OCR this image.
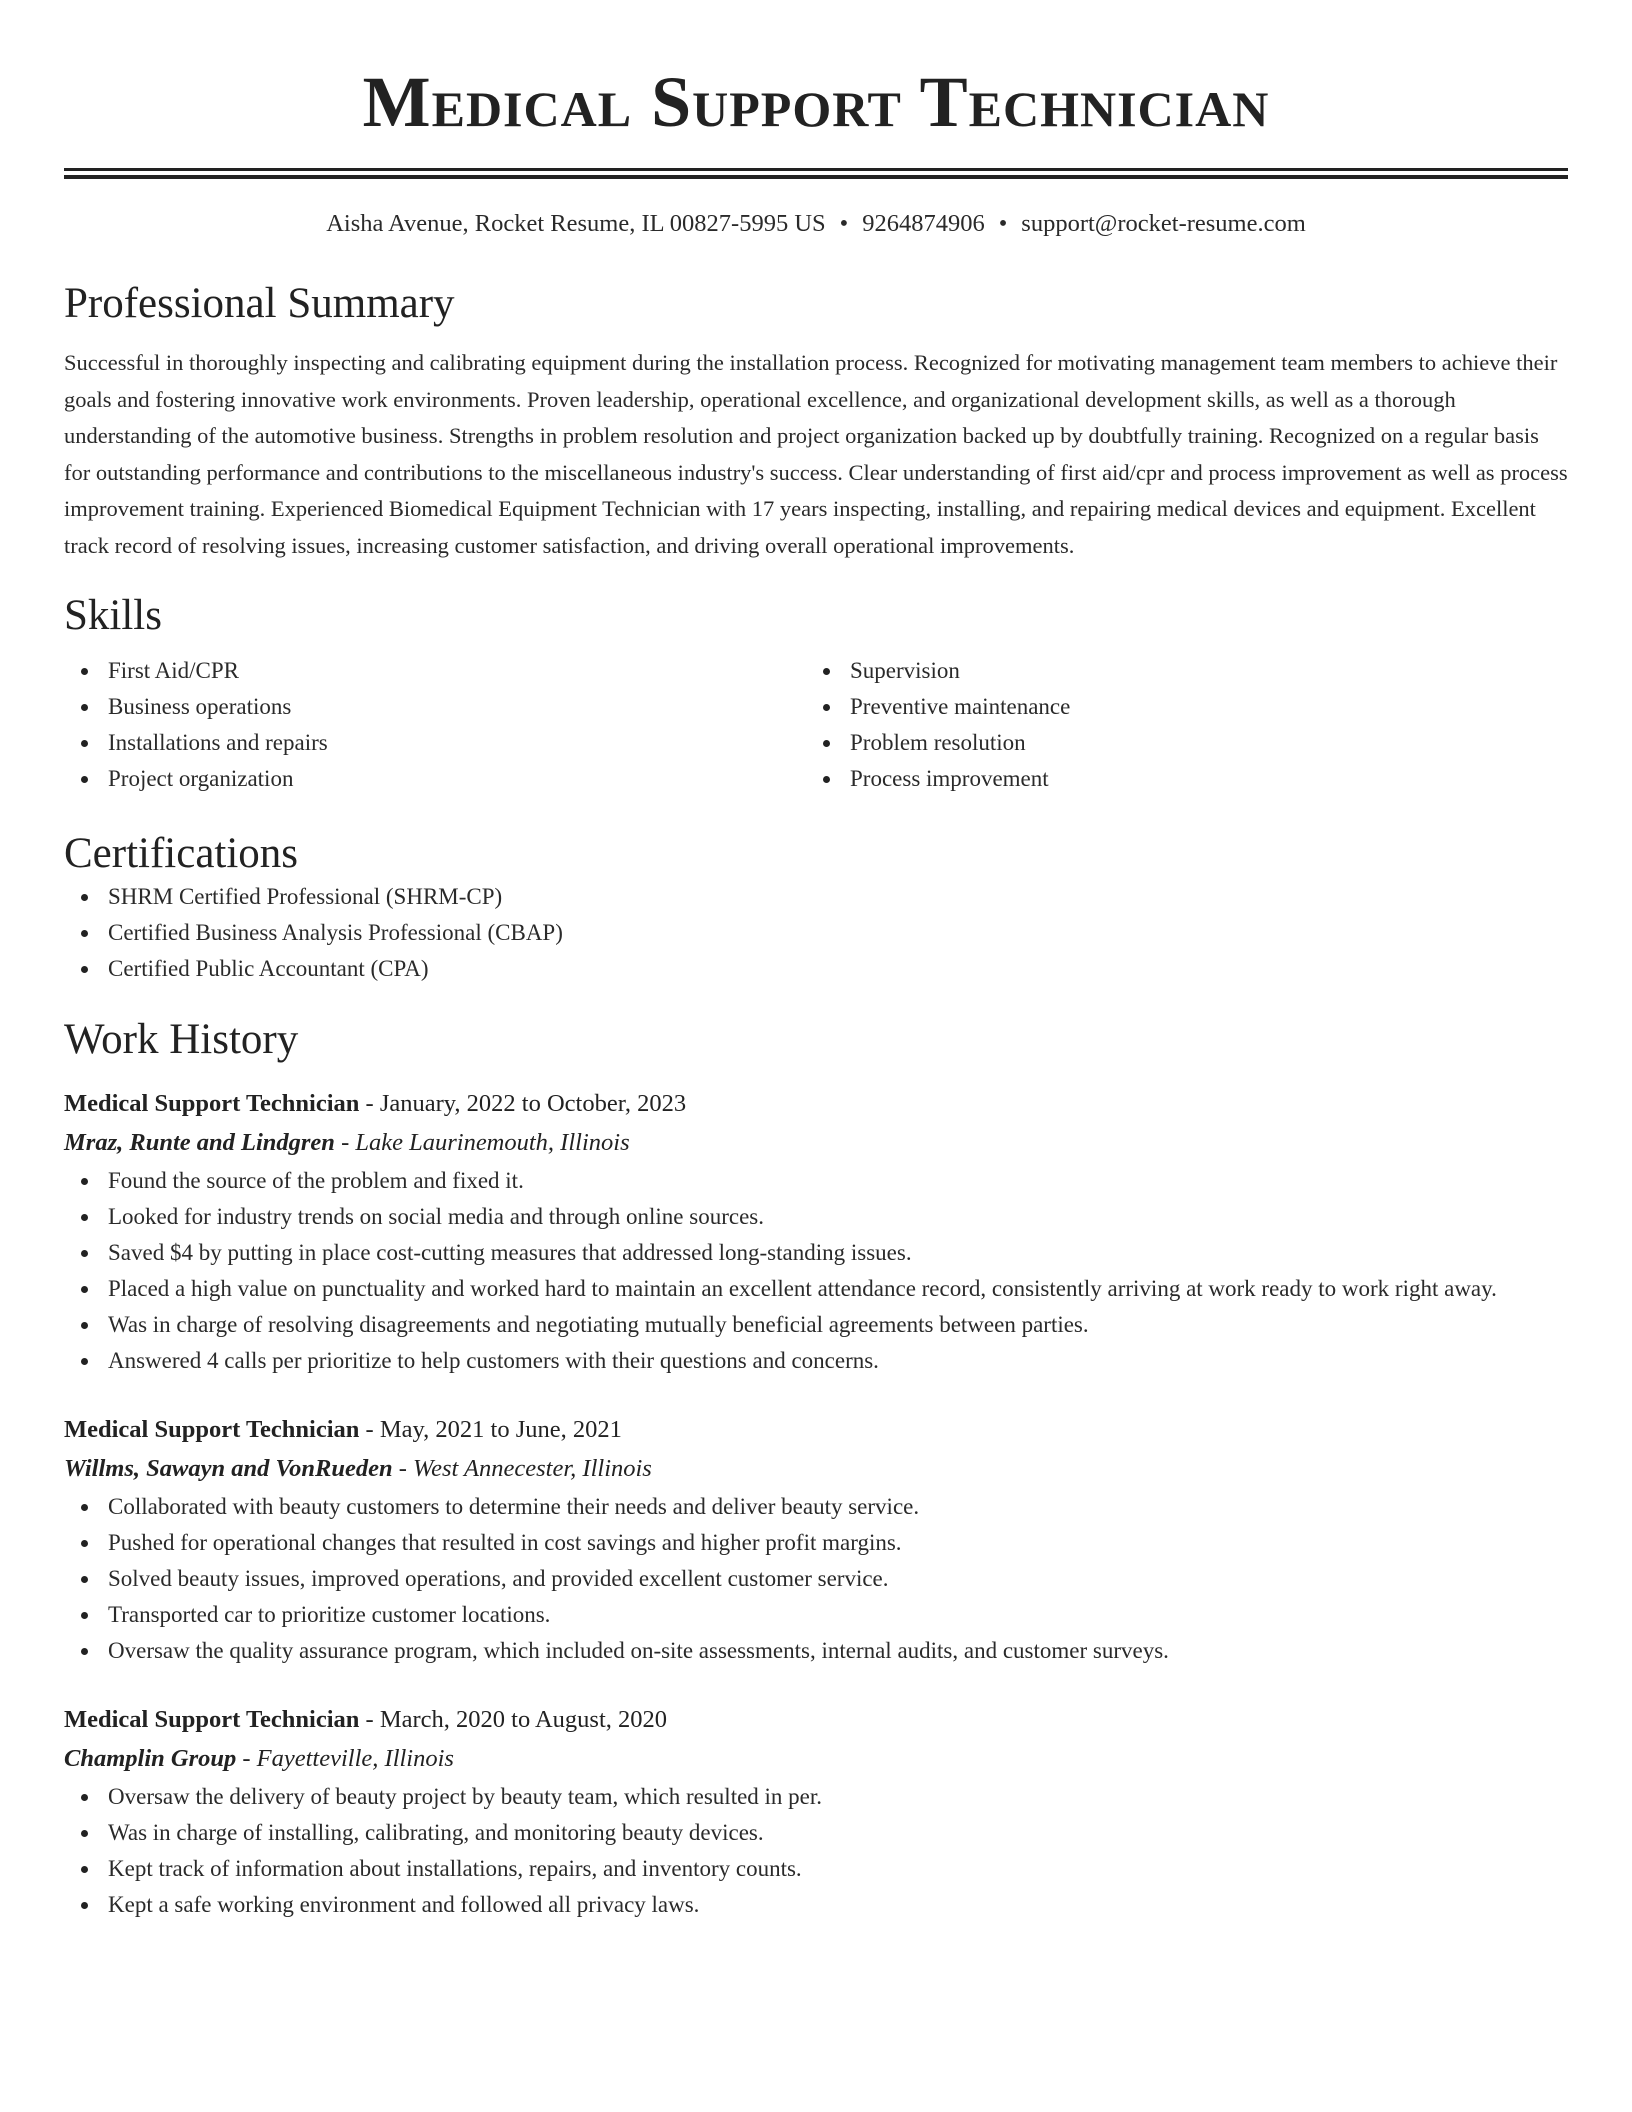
Medical Support Technician
Aisha Avenue, Rocket Resume, IL 00827-5995 US • 9264874906 • support@rocket-resume.com
Professional Summary

Successful in thoroughly inspecting and calibrating equipment during the installation process. Recognized for motivating management team members to achieve their goals and fostering innovative work environments. Proven leadership, operational excellence, and organizational development skills, as well as a thorough understanding of the automotive business. Strengths in problem resolution and project organization backed up by doubtfully training. Recognized on a regular basis for outstanding performance and contributions to the miscellaneous industry's success. Clear understanding of first aid/cpr and process improvement as well as process improvement training. Experienced Biomedical Equipment Technician with 17 years inspecting, installing, and repairing medical devices and equipment. Excellent track record of resolving issues, increasing customer satisfaction, and driving overall operational improvements.

Skills
First Aid/CPR
Business operations
Installations and repairs
Project organization
Supervision
Preventive maintenance
Problem resolution
Process improvement
Certifications
SHRM Certified Professional (SHRM-CP)
Certified Business Analysis Professional (CBAP)
Certified Public Accountant (CPA)
Work History
Medical Support Technician - January, 2022 to October, 2023
Mraz, Runte and Lindgren - Lake Laurinemouth, Illinois
Found the source of the problem and fixed it.
Looked for industry trends on social media and through online sources.
Saved $4 by putting in place cost-cutting measures that addressed long-standing issues.
Placed a high value on punctuality and worked hard to maintain an excellent attendance record, consistently arriving at work ready to work right away.
Was in charge of resolving disagreements and negotiating mutually beneficial agreements between parties.
Answered 4 calls per prioritize to help customers with their questions and concerns.
Medical Support Technician - May, 2021 to June, 2021
Willms, Sawayn and VonRueden - West Annecester, Illinois
Collaborated with beauty customers to determine their needs and deliver beauty service.
Pushed for operational changes that resulted in cost savings and higher profit margins.
Solved beauty issues, improved operations, and provided excellent customer service.
Transported car to prioritize customer locations.
Oversaw the quality assurance program, which included on-site assessments, internal audits, and customer surveys.
Medical Support Technician - March, 2020 to August, 2020
Champlin Group - Fayetteville, Illinois
Oversaw the delivery of beauty project by beauty team, which resulted in per.
Was in charge of installing, calibrating, and monitoring beauty devices.
Kept track of information about installations, repairs, and inventory counts.
Kept a safe working environment and followed all privacy laws.
